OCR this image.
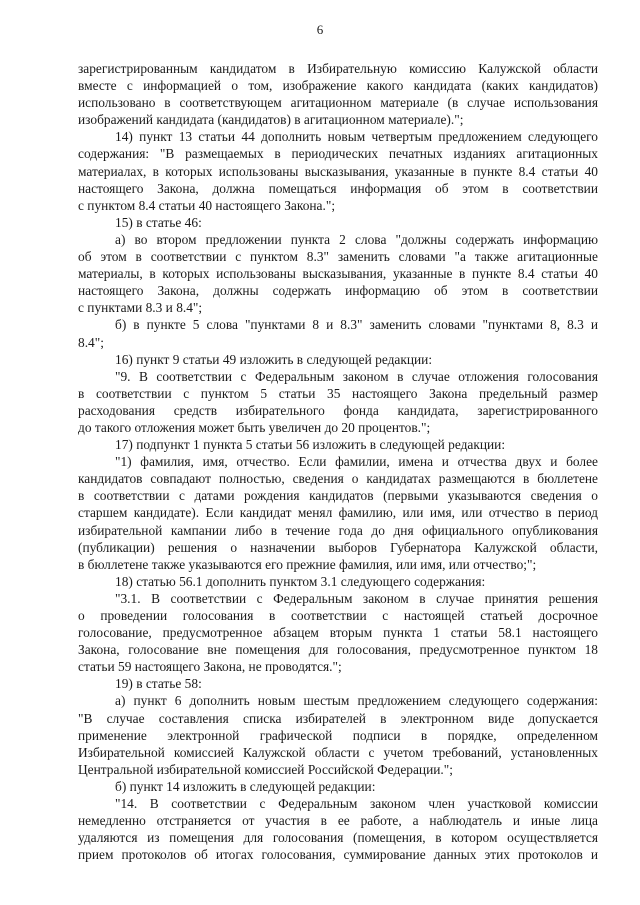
6
зарегистрированным кандидатом в Избирательную комиссию Калужской области
вместе с информацией о том, изображение какого кандидата (каких кандидатов)
использовано в соответствующем агитационном материале (в случае использования
изображений кандидата (кандидатов) в агитационном материале).";
14) пункт 13 статьи 44 дополнить новым четвертым предложением следующего
содержания: "В размещаемых в периодических печатных изданиях агитационных
материалах, в которых использованы высказывания, указанные в пункте 8.4 статьи 40
настоящего Закона, должна помещаться информация об этом в соответствии
с пунктом 8.4 статьи 40 настоящего Закона.";
15) в статье 46:
а) во втором предложении пункта 2 слова "должны содержать информацию
об этом в соответствии с пунктом 8.3" заменить словами "а также агитационные
материалы, в которых использованы высказывания, указанные в пункте 8.4 статьи 40
настоящего Закона, должны содержать информацию об этом в соответствии
с пунктами 8.3 и 8.4";
б) в пункте 5 слова "пунктами 8 и 8.3" заменить словами "пунктами 8, 8.3 и
8.4";
16) пункт 9 статьи 49 изложить в следующей редакции:
"9. В соответствии с Федеральным законом в случае отложения голосования
в соответствии с пунктом 5 статьи 35 настоящего Закона предельный размер
расходования средств избирательного фонда кандидата, зарегистрированного
до такого отложения может быть увеличен до 20 процентов.";
17) подпункт 1 пункта 5 статьи 56 изложить в следующей редакции:
"1) фамилия, имя, отчество. Если фамилии, имена и отчества двух и более
кандидатов совпадают полностью, сведения о кандидатах размещаются в бюллетене
в соответствии с датами рождения кандидатов (первыми указываются сведения о
старшем кандидате). Если кандидат менял фамилию, или имя, или отчество в период
избирательной кампании либо в течение года до дня официального опубликования
(публикации) решения о назначении выборов Губернатора Калужской области,
в бюллетене также указываются его прежние фамилия, или имя, или отчество;";
18) статью 56.1 дополнить пунктом 3.1 следующего содержания:
"3.1. В соответствии с Федеральным законом в случае принятия решения
о проведении голосования в соответствии с настоящей статьей досрочное
голосование, предусмотренное абзацем вторым пункта 1 статьи 58.1 настоящего
Закона, голосование вне помещения для голосования, предусмотренное пунктом 18
статьи 59 настоящего Закона, не проводятся.";
19) в статье 58:
а) пункт 6 дополнить новым шестым предложением следующего содержания:
"В случае составления списка избирателей в электронном виде допускается
применение электронной графической подписи в порядке, определенном
Избирательной комиссией Калужской области с учетом требований, установленных
Центральной избирательной комиссией Российской Федерации.";
б) пункт 14 изложить в следующей редакции:
"14. В соответствии с Федеральным законом член участковой комиссии
немедленно отстраняется от участия в ее работе, а наблюдатель и иные лица
удаляются из помещения для голосования (помещения, в котором осуществляется
прием протоколов об итогах голосования, суммирование данных этих протоколов и
